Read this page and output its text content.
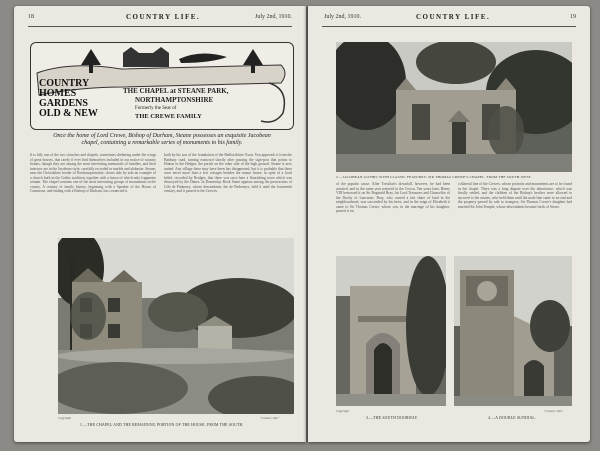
18	COUNTRY LIFE.	July 2nd, 1910.
COUNTRY
HOMES
GARDENS
OLD & NEW
THE CHAPEL at STEANE PARK,
NORTHAMPTONSHIRE
Formerly the Seat of
THE CREWE FAMILY
Once the home of Lord Crewe, Bishop of Durham, Steane possesses an exquisite Jacobean chapel, containing a remarkable series of monuments to his family.
It is fitly one of the two churches and chapels, sometimes sheltering under the wings of great houses, that rarely if ever find themselves included in our notice of country homes, though they are among the most interesting memorials of families, and their interiors are in the Jacobean style, carefully recorded in marble and alabaster. Steane, near the Oxfordshire border of Northamptonshire, shows side by side an example of a church built in the Gothic tradition, together with a house of which only fragments remain. The chapel contains one of the most interesting groups of monuments in the county. A century of family history, beginning with a Speaker of the House of Commons, and ending with a Bishop of Durham, has connected it.
built by his son of the foundation of the Bedfordshire Oxon. You approach it from the Banbury road, turning eastward shortly after passing the sign-post that points to Hinton in the Hedges, the parish on the other side of the high ground. Steane is now united. Any village there may have been has disappeared, but it is probable that there were never more than a few cottages besides the manor house, in spite of a local belief, recorded by Bridges, that there was once here a flourishing town which was destroyed by the Danes. In Domesday Book Stane appears among the possessions of Gilo de Pinkeney, whose descendants, the de Pinkeneys, held it until the fourteenth century, and it passed to the Crewes.
Copyright	"Country Life."
1.—THE CHAPEL AND THE REMAINING PORTION OF THE HOUSE, FROM THE SOUTH.
July 2nd, 1910.	COUNTRY LIFE.	19
2.—JACOBEAN GOTHIC WITH CLASSIC FEATURES: SIR THOMAS CREWE'S CHAPEL, FROM THE SOUTH-WEST.
of the popular cause. After Tresilian's downfall, however, he had been arrested, and in the same year restored to the Crown. Ten years later, Henry VIII bestowed it on Sir Reginald Bray, his Lord Treasurer and Chancellor of the Duchy of Lancaster. Bray, who owned a fair share of land in the neighbourhood, was succeeded by his heirs, and in the reign of Elizabeth it came to Sir Thomas Crewe, whose son, in the marriage of his daughter, passed it on.
collateral line of the Crewes, whose portraits and monuments are to be found in the chapel. There was a long dispute over the inheritance, which was finally settled, and the children of the Bishop's brother were allowed to succeed to the estates, who held them until the male line came to an end and the property passed by sale to strangers; Sir Thomas Crewe's daughter had married Sir John Temple, whose descendants became lords of Stowe.
Copyright
3.—THE SOUTH DOORWAY.
"Country Life."
4.—A DOUBLE SUNDIAL.
